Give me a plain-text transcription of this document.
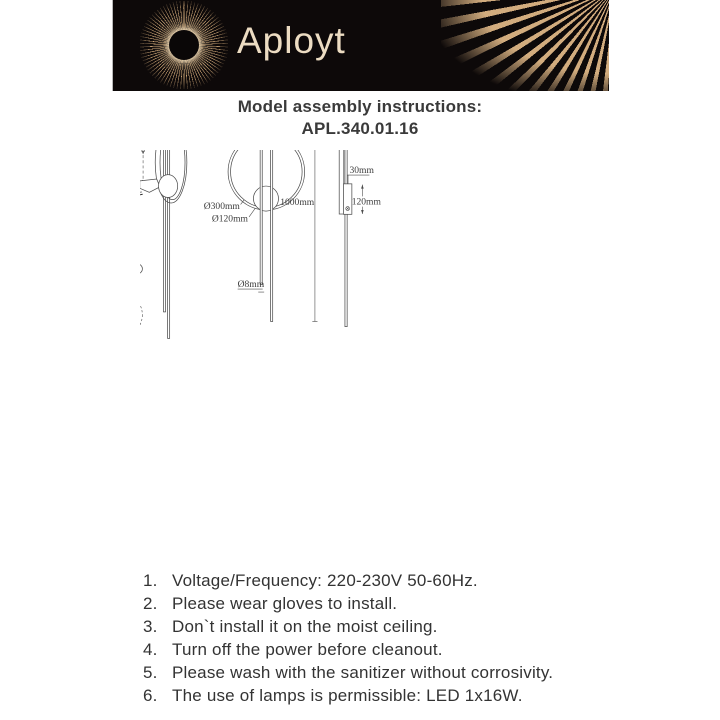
Aployt
Model assembly instructions:
APL.340.01.16
Ø300mm
Ø120mm
Ø8mm
1000mm
30mm
120mm
1. Voltage/Frequency: 220-230V 50-60Hz.
2. Please wear gloves to install.
3. Don`t install it on the moist ceiling.
4. Turn off the power before cleanout.
5. Please wash with the sanitizer without corrosivity.
6. The use of lamps is permissible: LED 1x16W.
